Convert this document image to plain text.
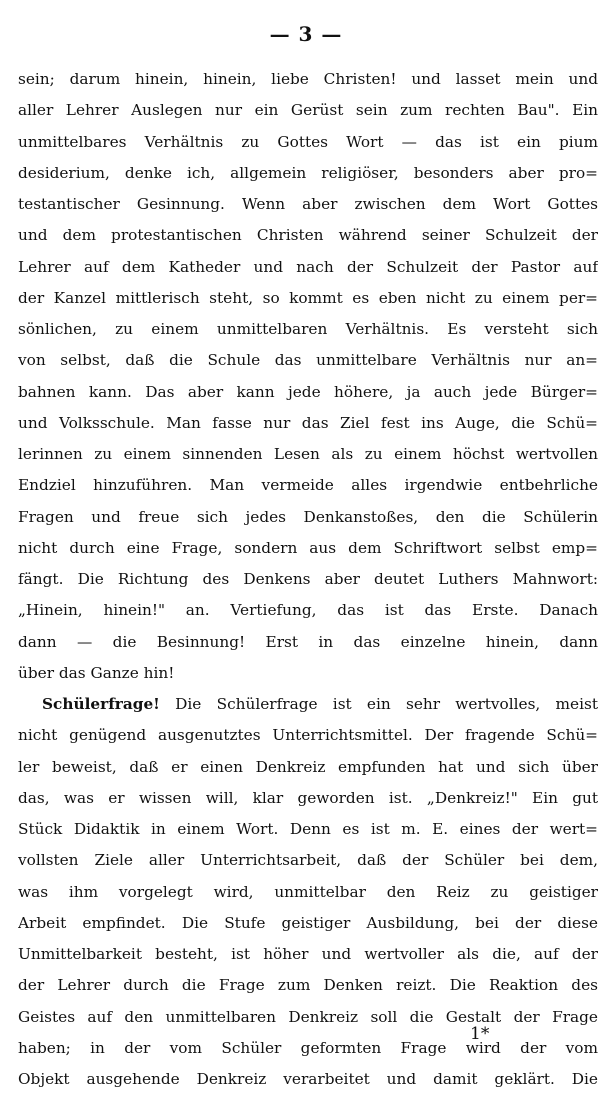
— 3 —
sein; darum hinein, hinein, liebe Christen! und lasset mein und
aller Lehrer Auslegen nur ein Gerüst sein zum rechten Bau". Ein
unmittelbares Verhältnis zu Gottes Wort — das ist ein pium
desiderium, denke ich, allgemein religiöser, besonders aber pro=
testantischer Gesinnung. Wenn aber zwischen dem Wort Gottes
und dem protestantischen Christen während seiner Schulzeit der
Lehrer auf dem Katheder und nach der Schulzeit der Pastor auf
der Kanzel mittlerisch steht, so kommt es eben nicht zu einem per=
sönlichen, zu einem unmittelbaren Verhältnis. Es versteht sich
von selbst, daß die Schule das unmittelbare Verhältnis nur an=
bahnen kann. Das aber kann jede höhere, ja auch jede Bürger=
und Volksschule. Man fasse nur das Ziel fest ins Auge, die Schü=
lerinnen zu einem sinnenden Lesen als zu einem höchst wertvollen
Endziel hinzuführen. Man vermeide alles irgendwie entbehrliche
Fragen und freue sich jedes Denkanstoßes, den die Schülerin
nicht durch eine Frage, sondern aus dem Schriftwort selbst emp=
fängt. Die Richtung des Denkens aber deutet Luthers Mahnwort:
„Hinein, hinein!" an. Vertiefung, das ist das Erste. Danach
dann — die Besinnung! Erst in das einzelne hinein, dann
über das Ganze hin!
Schülerfrage! Die Schülerfrage ist ein sehr wertvolles, meist
nicht genügend ausgenutztes Unterrichtsmittel. Der fragende Schü=
ler beweist, daß er einen Denkreiz empfunden hat und sich über
das, was er wissen will, klar geworden ist. „Denkreiz!" Ein gut
Stück Didaktik in einem Wort. Denn es ist m. E. eines der wert=
vollsten Ziele aller Unterrichtsarbeit, daß der Schüler bei dem,
was ihm vorgelegt wird, unmittelbar den Reiz zu geistiger
Arbeit empfindet. Die Stufe geistiger Ausbildung, bei der diese
Unmittelbarkeit besteht, ist höher und wertvoller als die, auf der
der Lehrer durch die Frage zum Denken reizt. Die Reaktion des
Geistes auf den unmittelbaren Denkreiz soll die Gestalt der Frage
haben; in der vom Schüler geformten Frage wird der vom
Objekt ausgehende Denkreiz verarbeitet und damit geklärt. Die
1*
